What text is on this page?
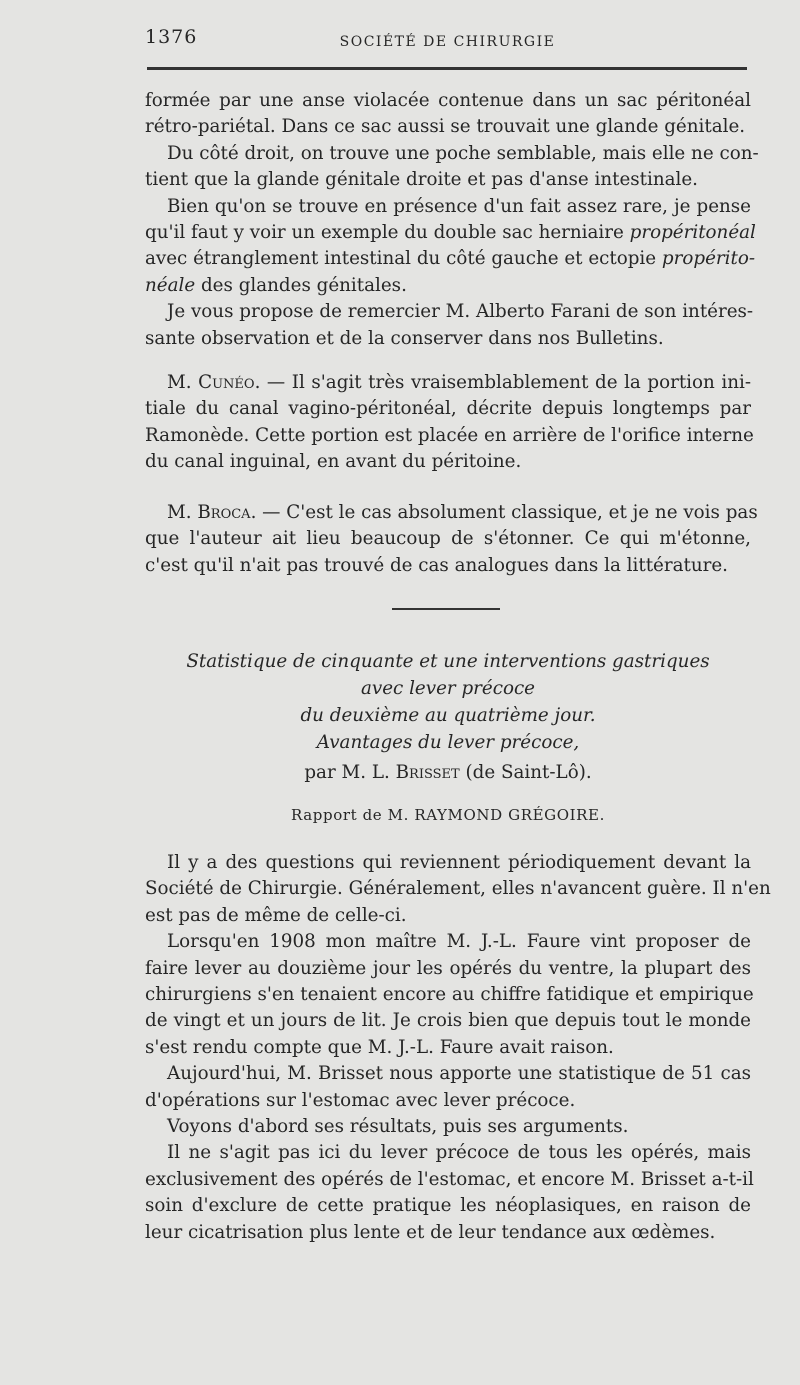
1376	SOCIÉTÉ DE CHIRURGIE
formée par une anse violacée contenue dans un sac péritonéal
rétro-pariétal. Dans ce sac aussi se trouvait une glande génitale.
Du côté droit, on trouve une poche semblable, mais elle ne con-
tient que la glande génitale droite et pas d'anse intestinale.
Bien qu'on se trouve en présence d'un fait assez rare, je pense
qu'il faut y voir un exemple du double sac herniaire propéritonéal
avec étranglement intestinal du côté gauche et ectopie propérito-
néale des glandes génitales.
Je vous propose de remercier M. Alberto Farani de son intéres-
sante observation et de la conserver dans nos Bulletins.
M. Cunéo. — Il s'agit très vraisemblablement de la portion ini-
tiale du canal vagino-péritonéal, décrite depuis longtemps par
Ramonède. Cette portion est placée en arrière de l'orifice interne
du canal inguinal, en avant du péritoine.
M. Broca. — C'est le cas absolument classique, et je ne vois pas
que l'auteur ait lieu beaucoup de s'étonner. Ce qui m'étonne,
c'est qu'il n'ait pas trouvé de cas analogues dans la littérature.
Statistique de cinquante et une interventions gastriques
avec lever précoce
du deuxième au quatrième jour.
Avantages du lever précoce,
par M. L. Brisset (de Saint-Lô).
Rapport de M. RAYMOND GRÉGOIRE.
Il y a des questions qui reviennent périodiquement devant la
Société de Chirurgie. Généralement, elles n'avancent guère. Il n'en
est pas de même de celle-ci.
Lorsqu'en 1908 mon maître M. J.-L. Faure vint proposer de
faire lever au douzième jour les opérés du ventre, la plupart des
chirurgiens s'en tenaient encore au chiffre fatidique et empirique
de vingt et un jours de lit. Je crois bien que depuis tout le monde
s'est rendu compte que M. J.-L. Faure avait raison.
Aujourd'hui, M. Brisset nous apporte une statistique de 51 cas
d'opérations sur l'estomac avec lever précoce.
Voyons d'abord ses résultats, puis ses arguments.
Il ne s'agit pas ici du lever précoce de tous les opérés, mais
exclusivement des opérés de l'estomac, et encore M. Brisset a-t-il
soin d'exclure de cette pratique les néoplasiques, en raison de
leur cicatrisation plus lente et de leur tendance aux œdèmes.
